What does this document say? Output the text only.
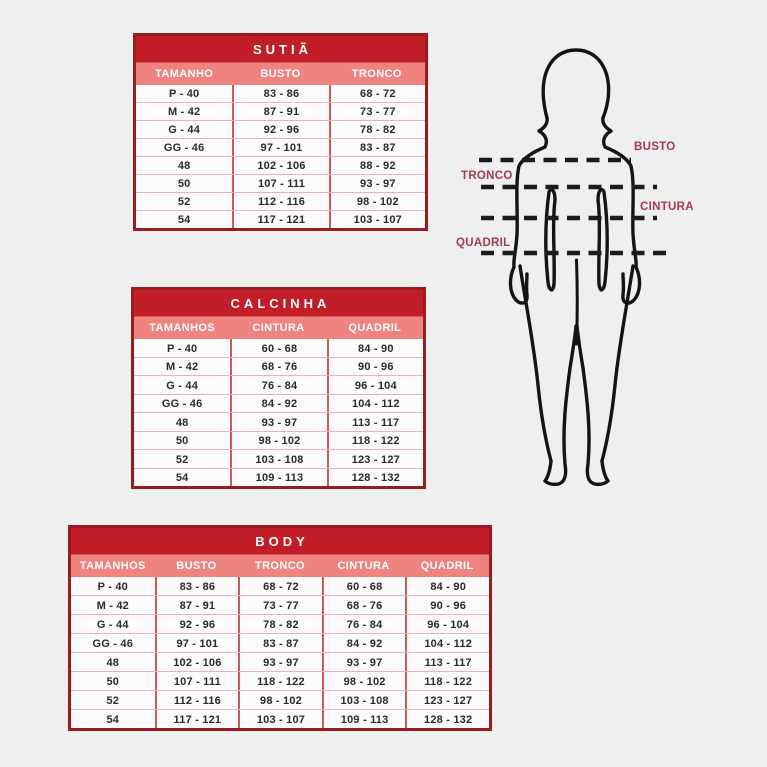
SUTIÃ
TAMANHO	BUSTO	TRONCO
P - 40	83 - 86	68 - 72
M - 42	87 - 91	73 - 77
G - 44	92 - 96	78 - 82
GG - 46	97 - 101	83 - 87
48	102 - 106	88 - 92
50	107 - 111	93 - 97
52	112 - 116	98 - 102
54	117 - 121	103 - 107
CALCINHA
TAMANHOS	CINTURA	QUADRIL
P - 40	60 - 68	84 - 90
M - 42	68 - 76	90 - 96
G - 44	76 - 84	96 - 104
GG - 46	84 - 92	104 - 112
48	93 - 97	113 - 117
50	98 - 102	118 - 122
52	103 - 108	123 - 127
54	109 - 113	128 - 132
BODY
TAMANHOS	BUSTO	TRONCO	CINTURA	QUADRIL
P - 40	83 - 86	68 - 72	60 - 68	84 - 90
M - 42	87 - 91	73 - 77	68 - 76	90 - 96
G - 44	92 - 96	78 - 82	76 - 84	96 - 104
GG - 46	97 - 101	83 - 87	84 - 92	104 - 112
48	102 - 106	93 - 97	93 - 97	113 - 117
50	107 - 111	118 - 122	98 - 102	118 - 122
52	112 - 116	98 - 102	103 - 108	123 - 127
54	117 - 121	103 - 107	109 - 113	128 - 132
BUSTO
TRONCO
CINTURA
QUADRIL
